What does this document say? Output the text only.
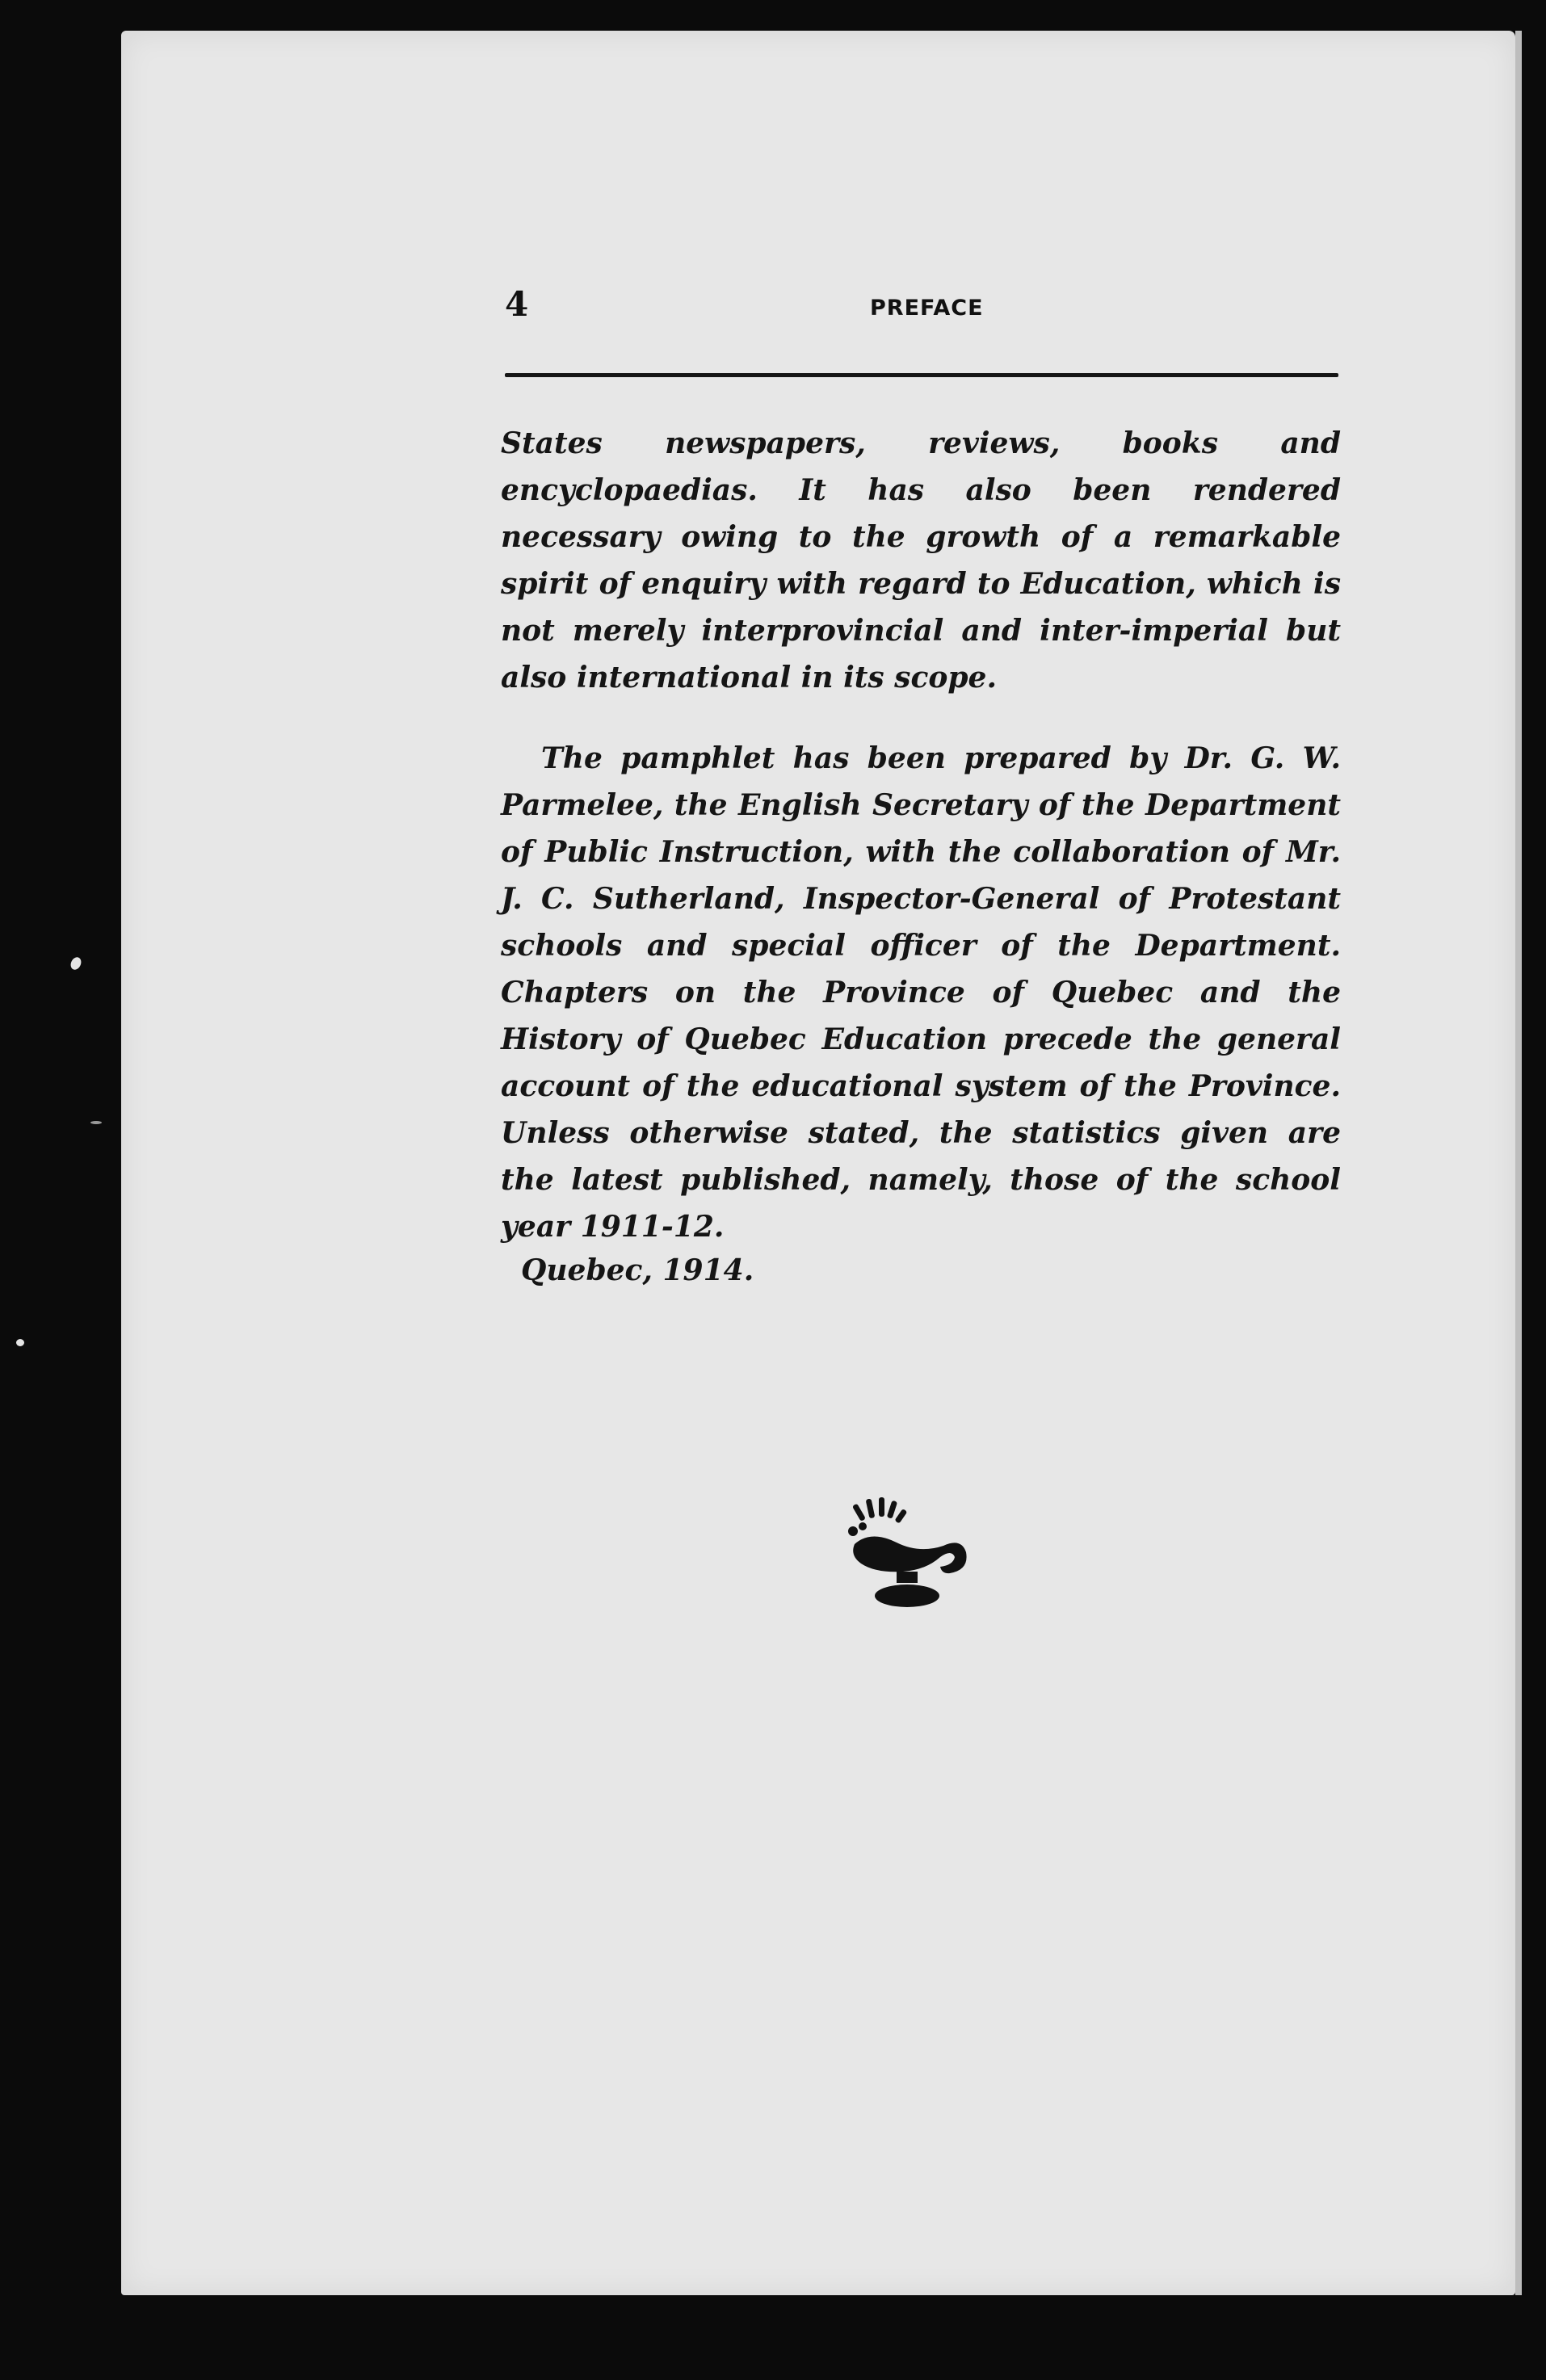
4	PREFACE

States newspapers, reviews, books and encyclopaedias. It has also been rendered necessary owing to the growth of a remarkable spirit of enquiry with regard to Education, which is not merely interprovincial and inter-imperial but also international in its scope.

The pamphlet has been prepared by Dr. G. W. Parmelee, the English Secretary of the Department of Public Instruction, with the collaboration of Mr. J. C. Sutherland, Inspector-General of Protestant schools and special officer of the Department. Chapters on the Province of Quebec and the History of Quebec Education precede the general account of the educational system of the Province. Unless otherwise stated, the statistics given are the latest published, namely, those of the school year 1911-12.

Quebec, 1914.
